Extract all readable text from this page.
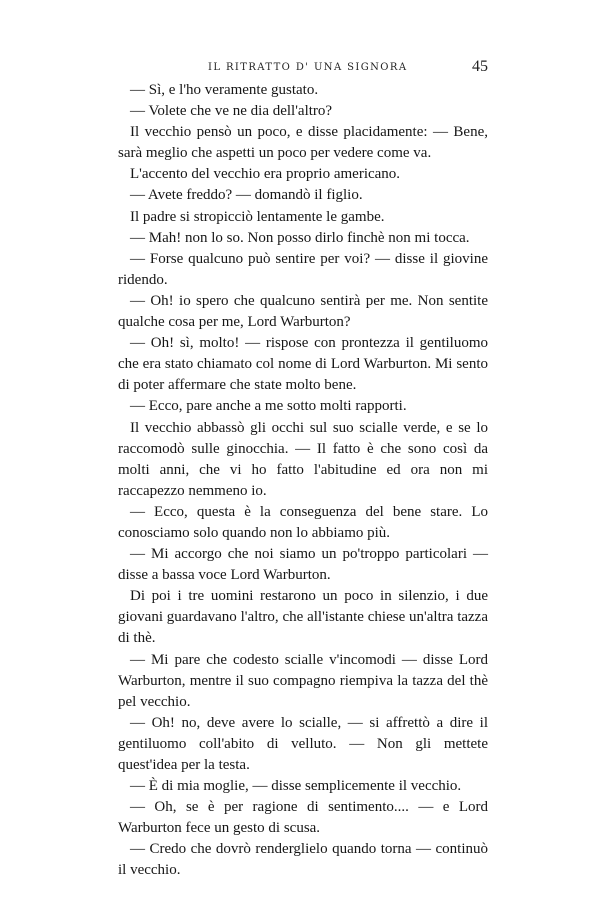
IL RITRATTO D' UNA SIGNORA	45

— Sì, e l'ho veramente gustato.

— Volete che ve ne dia dell'altro?

Il vecchio pensò un poco, e disse placidamente: — Bene, sarà meglio che aspetti un poco per vedere come va.

L'accento del vecchio era proprio americano.

— Avete freddo? — domandò il figlio.

Il padre si stropicciò lentamente le gambe.

— Mah! non lo so. Non posso dirlo finchè non mi tocca.

— Forse qualcuno può sentire per voi? — disse il giovine ridendo.

— Oh! io spero che qualcuno sentirà per me. Non sentite qualche cosa per me, Lord Warburton?

— Oh! sì, molto! — rispose con prontezza il gentiluomo che era stato chiamato col nome di Lord Warburton. Mi sento di poter affermare che state molto bene.

— Ecco, pare anche a me sotto molti rapporti.

Il vecchio abbassò gli occhi sul suo scialle verde, e se lo raccomodò sulle ginocchia. — Il fatto è che sono così da molti anni, che vi ho fatto l'abitudine ed ora non mi raccapezzo nemmeno io.

— Ecco, questa è la conseguenza del bene stare. Lo conosciamo solo quando non lo abbiamo più.

— Mi accorgo che noi siamo un po'troppo particolari — disse a bassa voce Lord Warburton.

Di poi i tre uomini restarono un poco in silenzio, i due giovani guardavano l'altro, che all'istante chiese un'altra tazza di thè.

— Mi pare che codesto scialle v'incomodi — disse Lord Warburton, mentre il suo compagno riempiva la tazza del thè pel vecchio.

— Oh! no, deve avere lo scialle, — si affrettò a dire il gentiluomo coll'abito di velluto. — Non gli mettete quest'idea per la testa.

— È di mia moglie, — disse semplicemente il vecchio.

— Oh, se è per ragione di sentimento.... — e Lord Warburton fece un gesto di scusa.

— Credo che dovrò renderglielo quando torna — continuò il vecchio.
